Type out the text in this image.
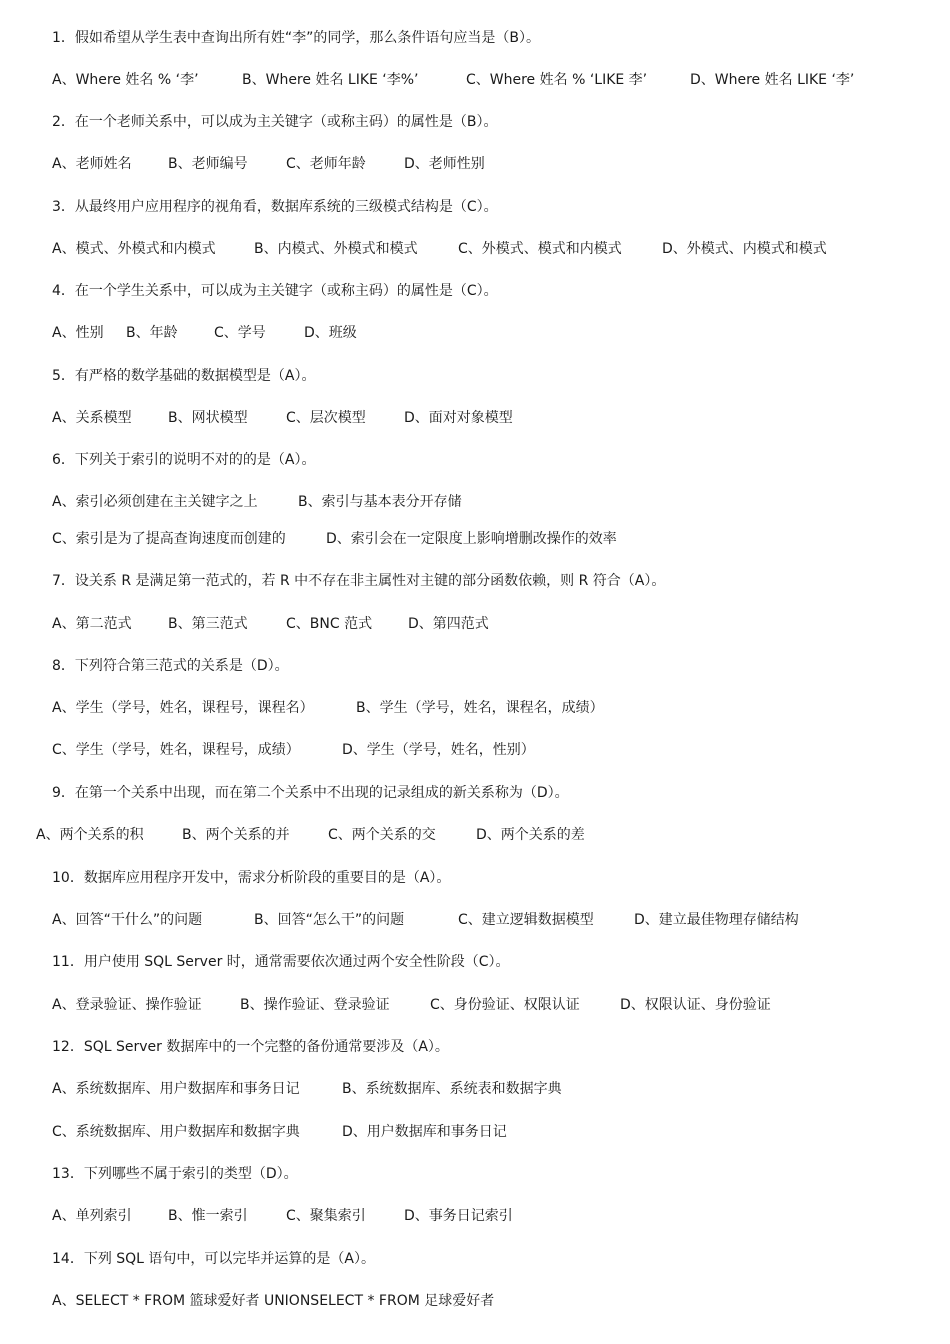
1．假如希望从学生表中查询出所有姓“李”的同学，那么条件语句应当是（B）。
A、Where 姓名 % ‘李’	B、Where 姓名 LIKE ‘李%’	C、Where 姓名 % ‘LIKE 李’	D、Where 姓名 LIKE ‘李’
2．在一个老师关系中，可以成为主关键字（或称主码）的属性是（B）。
A、老师姓名	B、老师编号	C、老师年龄	D、老师性别
3．从最终用户应用程序的视角看，数据库系统的三级模式结构是（C）。
A、模式、外模式和内模式	B、内模式、外模式和模式	C、外模式、模式和内模式	D、外模式、内模式和模式
4．在一个学生关系中，可以成为主关键字（或称主码）的属性是（C）。
A、性别 B、年龄	C、学号	D、班级
5．有严格的数学基础的数据模型是（A）。
A、关系模型	B、网状模型	C、层次模型	D、面对对象模型
6．下列关于索引的说明不对的的是（A）。
A、索引必须创建在主关键字之上	B、索引与基本表分开存储
C、索引是为了提高查询速度而创建的	D、索引会在一定限度上影响增删改操作的效率
7．设关系 R 是满足第一范式的，若 R 中不存在非主属性对主键的部分函数依赖，则 R 符合（A）。
A、第二范式	B、第三范式	C、BNC 范式	D、第四范式
8．下列符合第三范式的关系是（D）。
A、学生（学号，姓名，课程号，课程名）	B、学生（学号，姓名，课程名，成绩）
C、学生（学号，姓名，课程号，成绩）	D、学生（学号，姓名，性别）
9．在第一个关系中出现，而在第二个关系中不出现的记录组成的新关系称为（D）。
A、两个关系的积	B、两个关系的并	C、两个关系的交	D、两个关系的差
10．数据库应用程序开发中，需求分析阶段的重要目的是（A）。
A、回答“干什么”的问题	B、回答“怎么干”的问题	C、建立逻辑数据模型	D、建立最佳物理存储结构
11．用户使用 SQL Server 时，通常需要依次通过两个安全性阶段（C）。
A、登录验证、操作验证	B、操作验证、登录验证	C、身份验证、权限认证	D、权限认证、身份验证
12．SQL Server 数据库中的一个完整的备份通常要涉及（A）。
A、系统数据库、用户数据库和事务日记	B、系统数据库、系统表和数据字典
C、系统数据库、用户数据库和数据字典	D、用户数据库和事务日记
13．下列哪些不属于索引的类型（D）。
A、单列索引	B、惟一索引	C、聚集索引	D、事务日记索引
14．下列 SQL 语句中，可以完毕并运算的是（A）。
A、SELECT * FROM 篮球爱好者 UNIONSELECT * FROM 足球爱好者
